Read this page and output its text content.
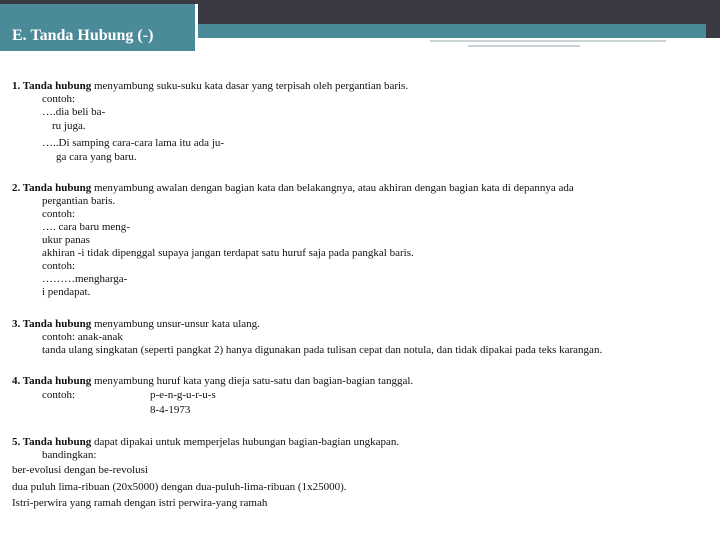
E. Tanda Hubung (-)
1. Tanda hubung menyambung suku-suku kata dasar yang terpisah oleh pergantian baris.
contoh:
….dia beli ba-
ru juga.
…..Di samping cara-cara lama itu ada ju-
ga cara yang baru.
2. Tanda hubung menyambung awalan dengan bagian kata dan belakangnya, atau akhiran dengan bagian kata di depannya ada
pergantian baris.
contoh:
…. cara baru meng-
ukur panas
akhiran -i tidak dipenggal supaya jangan terdapat satu huruf saja pada pangkal baris.
contoh:
………mengharga-
i pendapat.
3. Tanda hubung menyambung unsur-unsur kata ulang.
contoh: anak-anak
tanda ulang singkatan (seperti pangkat 2) hanya digunakan pada tulisan cepat dan notula, dan tidak dipakai pada teks karangan.
4. Tanda hubung menyambung huruf kata yang dieja satu-satu dan bagian-bagian tanggal.
contoh:	p-e-n-g-u-r-u-s
8-4-1973
5. Tanda hubung dapat dipakai untuk memperjelas hubungan bagian-bagian ungkapan.
bandingkan:
ber-evolusi dengan be-revolusi
dua puluh lima-ribuan (20x5000) dengan dua-puluh-lima-ribuan (1x25000).
Istri-perwira yang ramah dengan istri perwira-yang ramah
